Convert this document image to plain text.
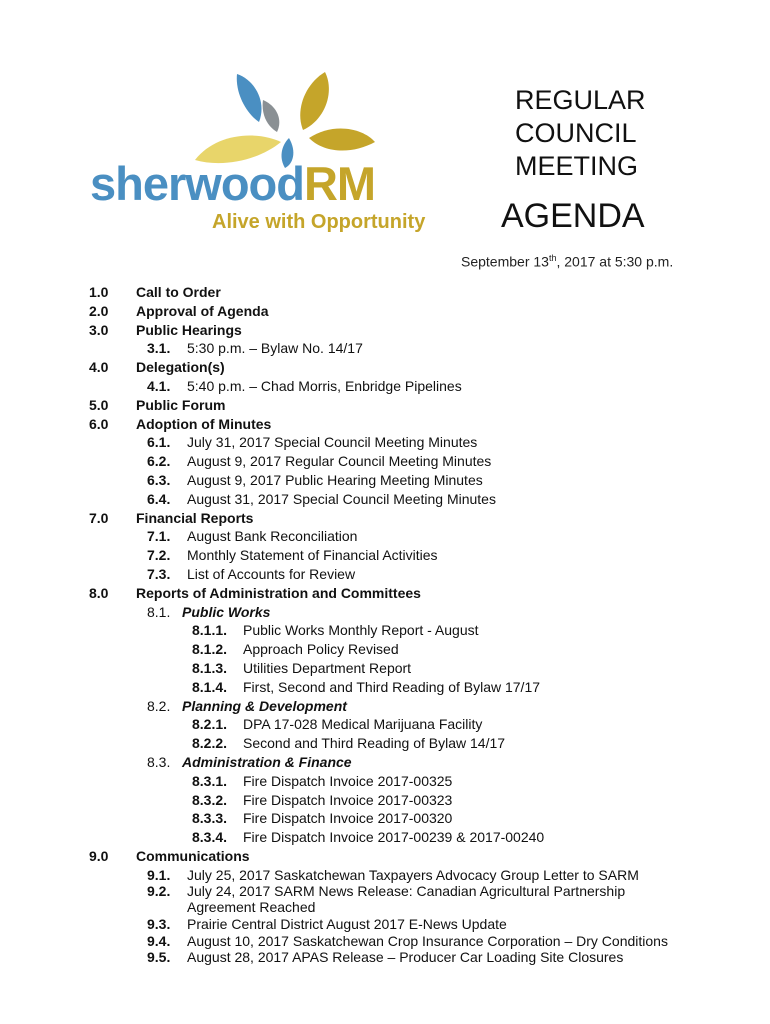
sherwoodRM
Alive with Opportunity
REGULAR
COUNCIL
MEETING
AGENDA
September 13th, 2017 at 5:30 p.m.
1.0 Call to Order
2.0 Approval of Agenda
3.0 Public Hearings
3.1. 5:30 p.m. – Bylaw No. 14/17
4.0 Delegation(s)
4.1. 5:40 p.m. – Chad Morris, Enbridge Pipelines
5.0 Public Forum
6.0 Adoption of Minutes
6.1. July 31, 2017 Special Council Meeting Minutes
6.2. August 9, 2017 Regular Council Meeting Minutes
6.3. August 9, 2017 Public Hearing Meeting Minutes
6.4. August 31, 2017 Special Council Meeting Minutes
7.0 Financial Reports
7.1. August Bank Reconciliation
7.2. Monthly Statement of Financial Activities
7.3. List of Accounts for Review
8.0 Reports of Administration and Committees
8.1. Public Works
8.1.1. Public Works Monthly Report - August
8.1.2. Approach Policy Revised
8.1.3. Utilities Department Report
8.1.4. First, Second and Third Reading of Bylaw 17/17
8.2. Planning & Development
8.2.1. DPA 17-028 Medical Marijuana Facility
8.2.2. Second and Third Reading of Bylaw 14/17
8.3. Administration & Finance
8.3.1. Fire Dispatch Invoice 2017-00325
8.3.2. Fire Dispatch Invoice 2017-00323
8.3.3. Fire Dispatch Invoice 2017-00320
8.3.4. Fire Dispatch Invoice 2017-00239 & 2017-00240
9.0 Communications
9.1. July 25, 2017 Saskatchewan Taxpayers Advocacy Group Letter to SARM
9.2. July 24, 2017 SARM News Release: Canadian Agricultural Partnership Agreement Reached
9.3. Prairie Central District August 2017 E-News Update
9.4. August 10, 2017 Saskatchewan Crop Insurance Corporation – Dry Conditions
9.5. August 28, 2017 APAS Release – Producer Car Loading Site Closures
